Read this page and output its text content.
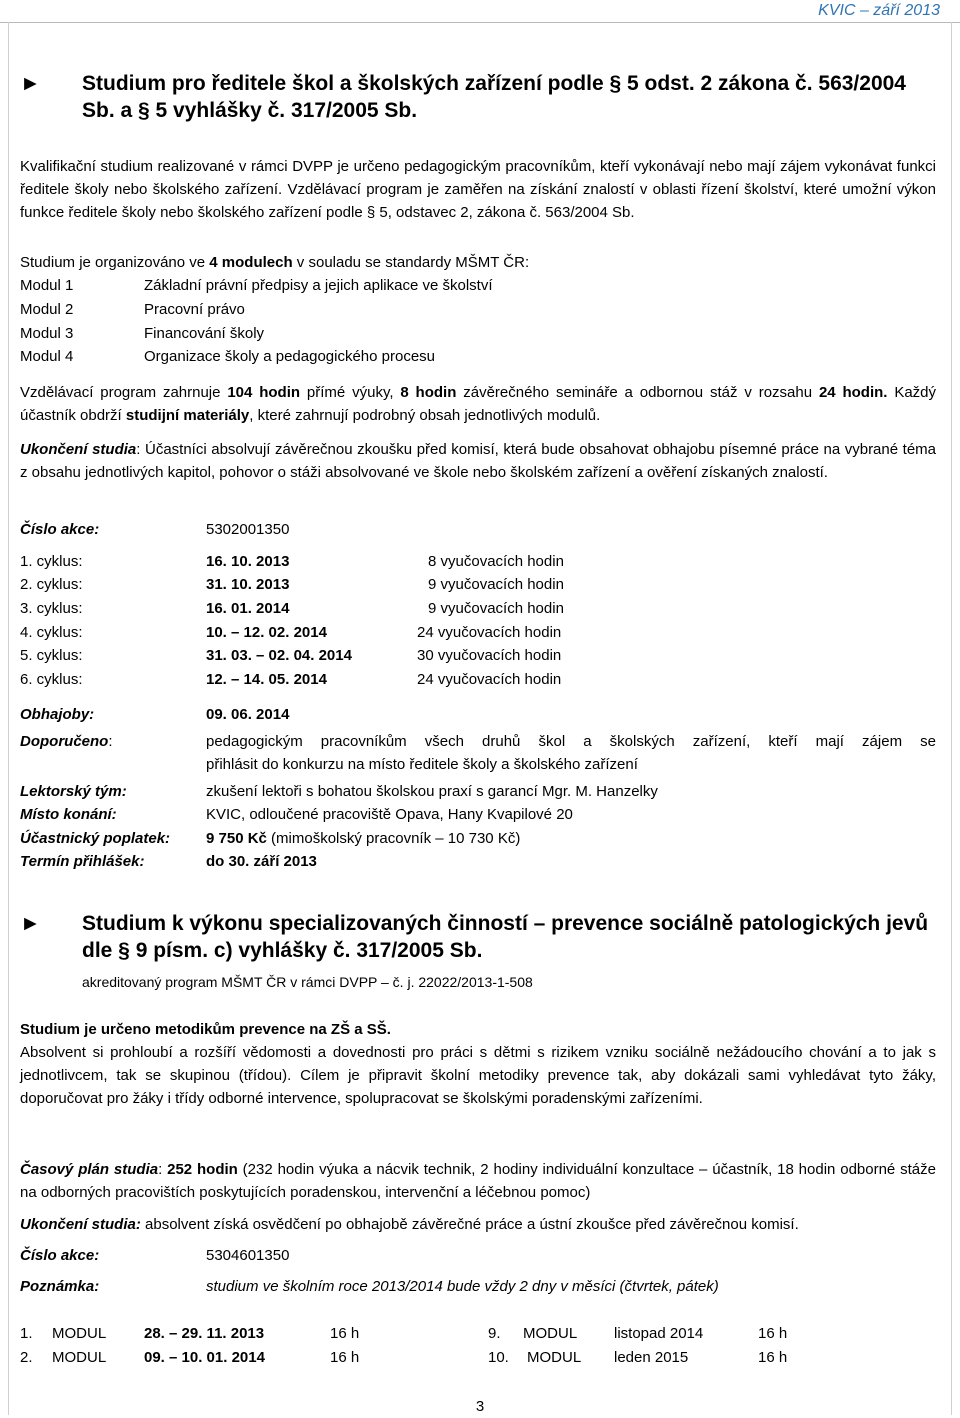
KVIC – září 2013
► Studium pro ředitele škol a školských zařízení podle § 5 odst. 2 zákona č. 563/2004
Sb. a § 5 vyhlášky č. 317/2005 Sb.
Kvalifikační studium realizované v rámci DVPP je určeno pedagogickým pracovníkům, kteří vykonávají nebo mají zájem vykonávat funkci ředitele školy nebo školského zařízení. Vzdělávací program je zaměřen na získání znalostí v oblasti řízení školství, které umožní výkon funkce ředitele školy nebo školského zařízení podle § 5, odstavec 2, zákona č. 563/2004 Sb.
Studium je organizováno ve 4 modulech v souladu se standardy MŠMT ČR:
Modul 1	Základní právní předpisy a jejich aplikace ve školství
Modul 2	Pracovní právo
Modul 3	Financování školy
Modul 4	Organizace školy a pedagogického procesu
Vzdělávací program zahrnuje 104 hodin přímé výuky, 8 hodin závěrečného semináře a odbornou stáž v rozsahu 24 hodin. Každý účastník obdrží studijní materiály, které zahrnují podrobný obsah jednotlivých modulů.
Ukončení studia: Účastníci absolvují závěrečnou zkoušku před komisí, která bude obsahovat obhajobu písemné práce na vybrané téma z obsahu jednotlivých kapitol, pohovor o stáži absolvované ve škole nebo školském zařízení a ověření získaných znalostí.
Číslo akce:	5302001350
1. cyklus:	16. 10. 2013	8 vyučovacích hodin
2. cyklus:	31. 10. 2013	9 vyučovacích hodin
3. cyklus:	16. 01. 2014	9 vyučovacích hodin
4. cyklus:	10. – 12. 02. 2014	24 vyučovacích hodin
5. cyklus:	31. 03. – 02. 04. 2014	30 vyučovacích hodin
6. cyklus:	12. – 14. 05. 2014	24 vyučovacích hodin
Obhajoby:	09. 06. 2014
Doporučeno:	pedagogickým pracovníkům všech druhů škol a školských zařízení, kteří mají zájem se
přihlásit do konkurzu na místo ředitele školy a školského zařízení
Lektorský tým:	zkušení lektoři s bohatou školskou praxí s garancí Mgr. M. Hanzelky
Místo konání:	KVIC, odloučené pracoviště Opava, Hany Kvapilové 20
Účastnický poplatek: 9 750 Kč (mimoškolský pracovník – 10 730 Kč)
Termín přihlášek:	do 30. září 2013
► Studium k výkonu specializovaných činností – prevence sociálně patologických jevů
dle § 9 písm. c) vyhlášky č. 317/2005 Sb.
akreditovaný program MŠMT ČR v rámci DVPP – č. j. 22022/2013-1-508
Studium je určeno metodikům prevence na ZŠ a SŠ.
Absolvent si prohloubí a rozšíří vědomosti a dovednosti pro práci s dětmi s rizikem vzniku sociálně nežádoucího chování a to jak s jednotlivcem, tak se skupinou (třídou). Cílem je připravit školní metodiky prevence tak, aby dokázali sami vyhledávat tyto žáky, doporučovat pro žáky i třídy odborné intervence, spolupracovat se školskými poradenskými zařízeními.
Časový plán studia: 252 hodin (232 hodin výuka a nácvik technik, 2 hodiny individuální konzultace – účastník, 18 hodin odborné stáže na odborných pracovištích poskytujících poradenskou, intervenční a léčebnou pomoc)
Ukončení studia: absolvent získá osvědčení po obhajobě závěrečné práce a ústní zkoušce před závěrečnou komisí.
Číslo akce:	5304601350
Poznámka:	studium ve školním roce 2013/2014 bude vždy 2 dny v měsíci (čtvrtek, pátek)
1. MODUL	28. – 29. 11. 2013	16 h	9. MODUL listopad 2014	16 h
2. MODUL	09. – 10. 01. 2014	16 h	10. MODUL leden 2015	16 h
3
